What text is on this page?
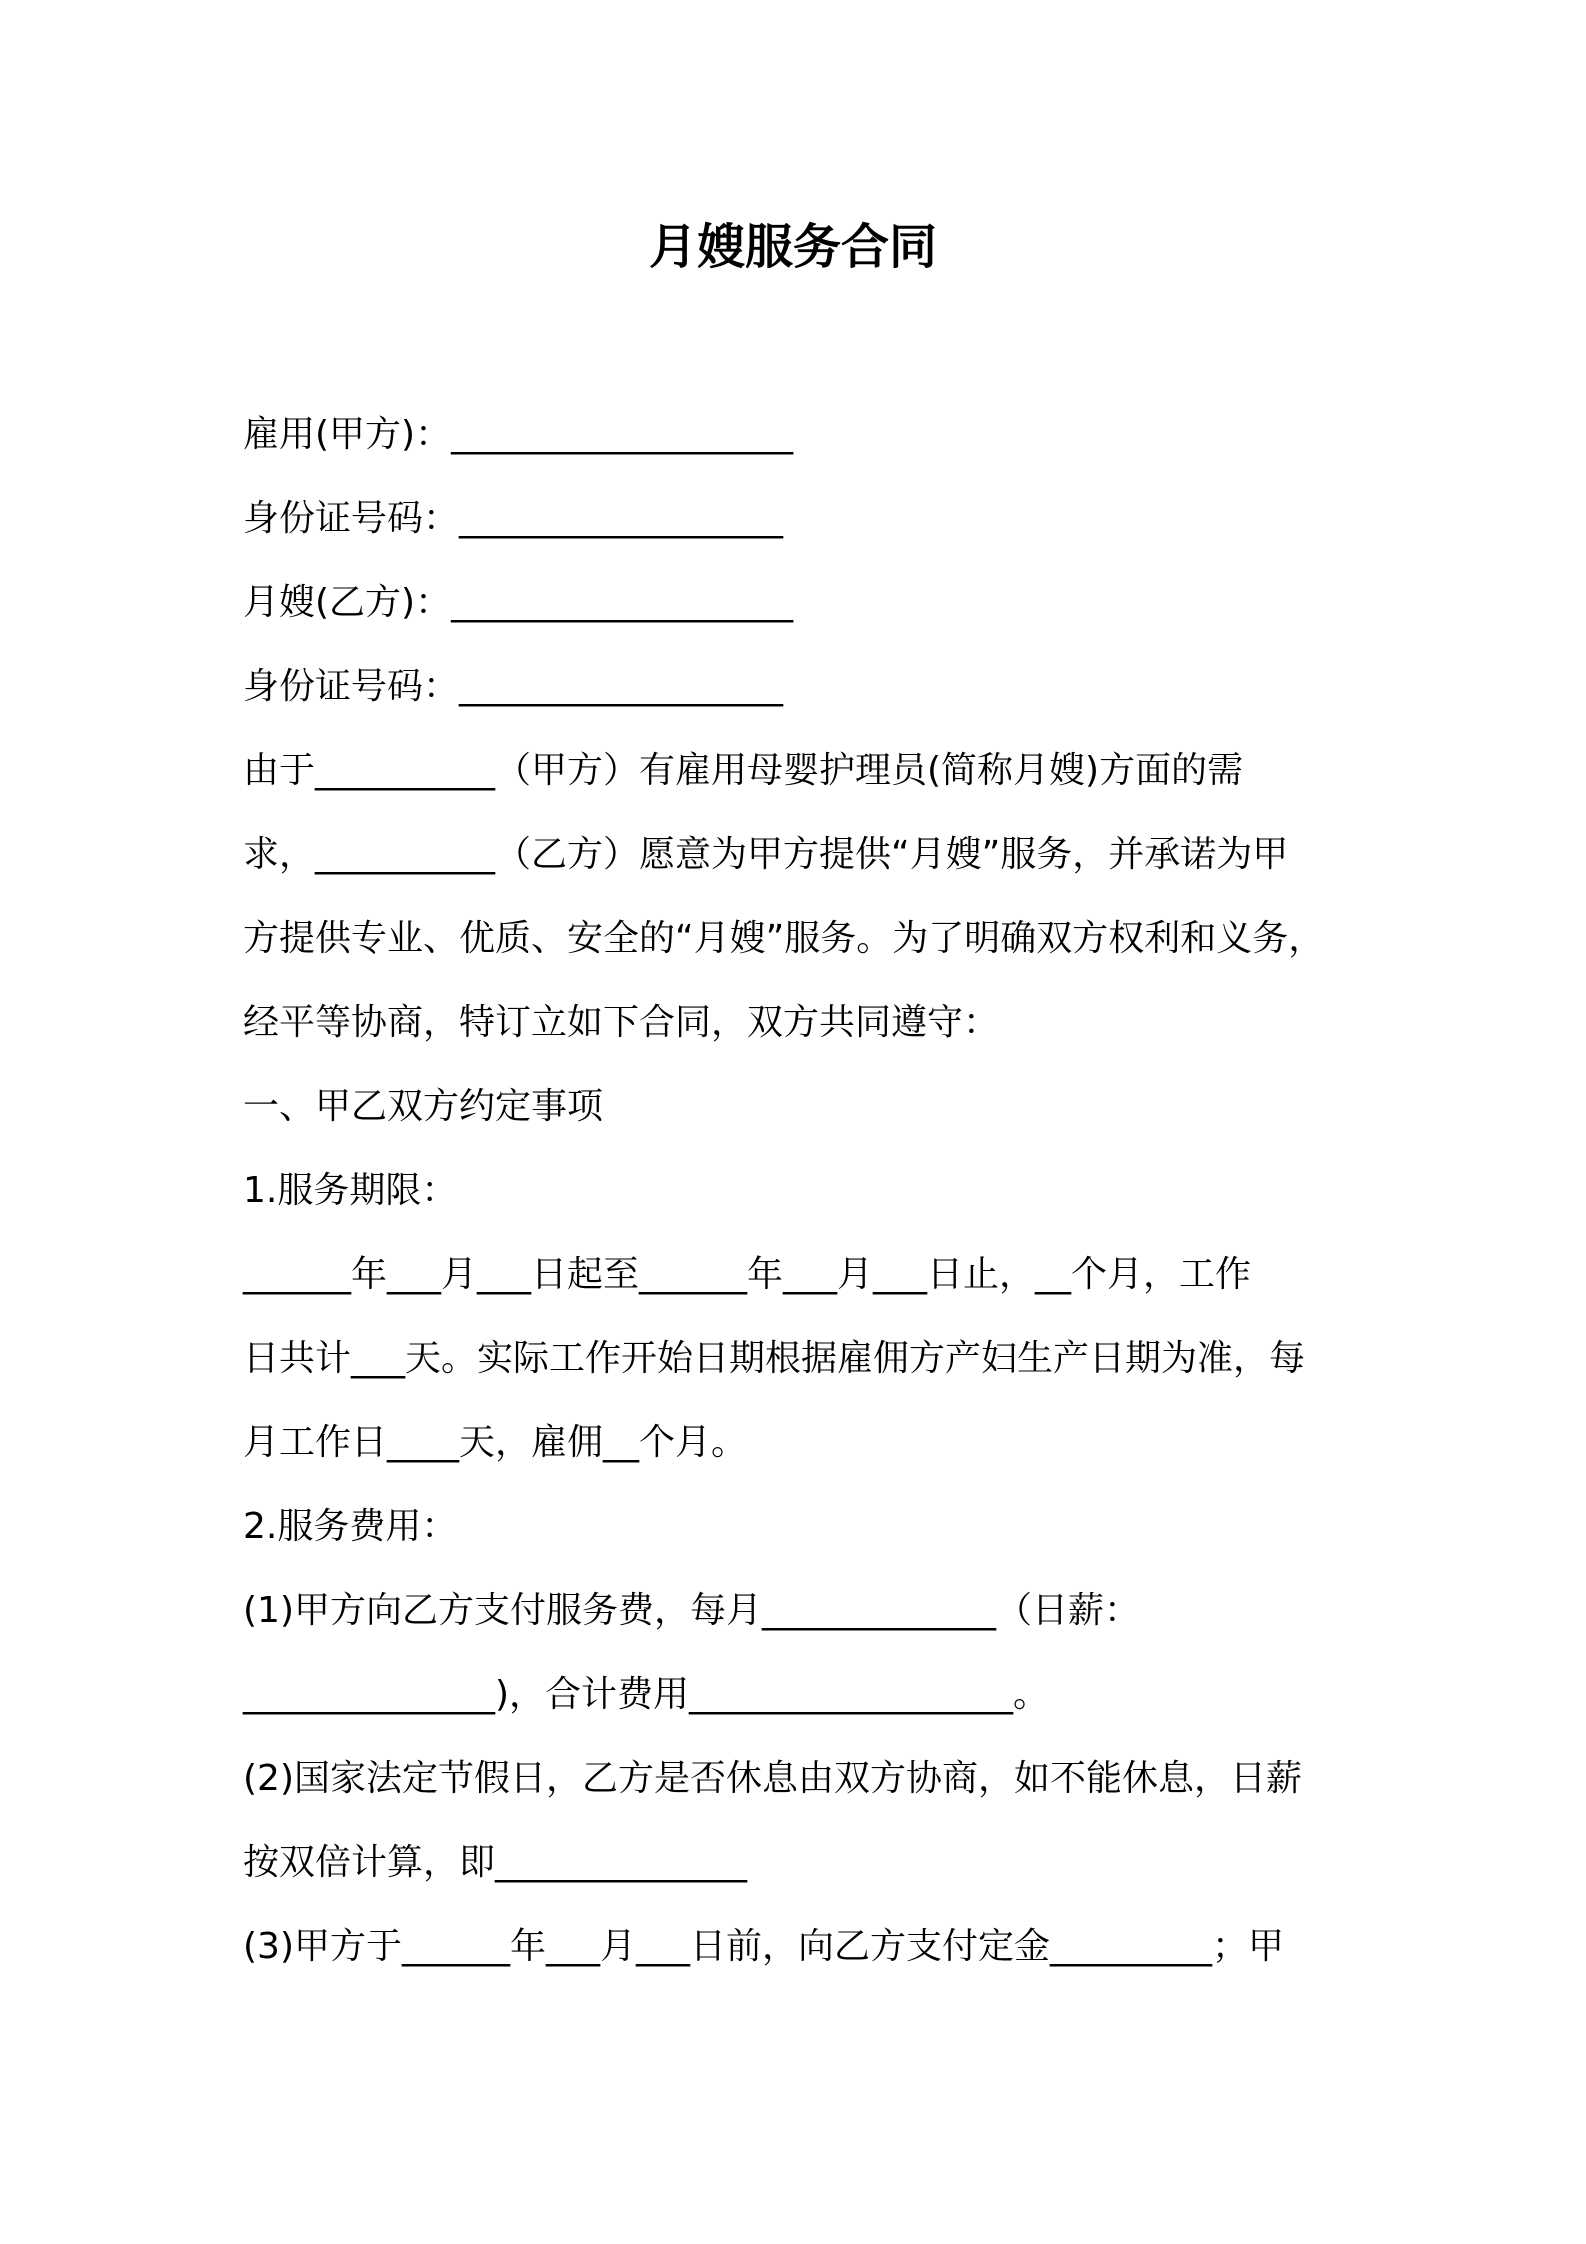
月嫂服务合同

雇用(甲方)：___________________

身份证号码：__________________

月嫂(乙方)：___________________

身份证号码：__________________

由于__________（甲方）有雇用母婴护理员(简称月嫂)方面的需

求，__________（乙方）愿意为甲方提供“月嫂”服务，并承诺为甲

方提供专业、优质、安全的“月嫂”服务。为了明确双方权利和义务，

经平等协商，特订立如下合同，双方共同遵守：

一、甲乙双方约定事项

1.服务期限：

______年___月___日起至______年___月___日止，__个月，工作

日共计___天。实际工作开始日期根据雇佣方产妇生产日期为准，每

月工作日____天，雇佣__个月。

2.服务费用：

(1)甲方向乙方支付服务费，每月_____________（日薪：

______________)，合计费用__________________。

(2)国家法定节假日，乙方是否休息由双方协商，如不能休息，日薪

按双倍计算，即______________

(3)甲方于______年___月___日前，向乙方支付定金_________；甲
